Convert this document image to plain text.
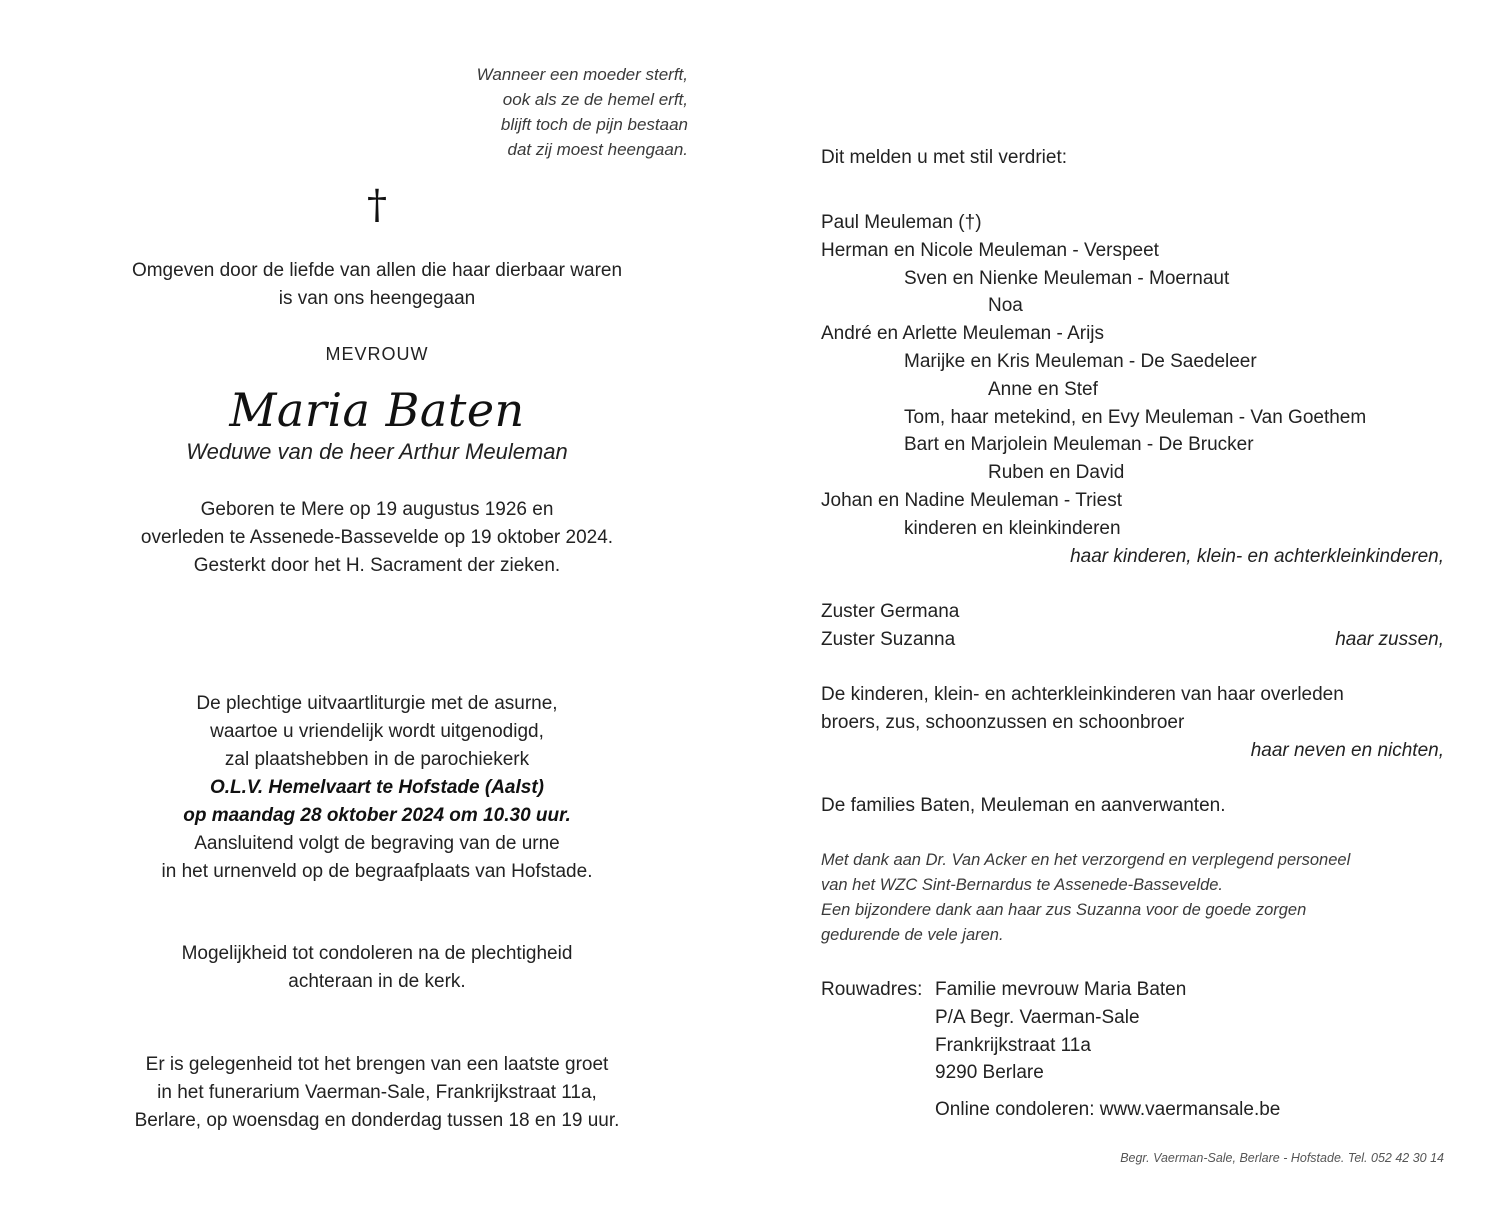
Wanneer een moeder sterft,
ook als ze de hemel erft,
blijft toch de pijn bestaan
dat zij moest heengaan.
†
Omgeven door de liefde van allen die haar dierbaar waren
is van ons heengegaan
MEVROUW
Maria Baten
Weduwe van de heer Arthur Meuleman
Geboren te Mere op 19 augustus 1926 en
overleden te Assenede-Bassevelde op 19 oktober 2024.
Gesterkt door het H. Sacrament der zieken.
De plechtige uitvaartliturgie met de asurne,
waartoe u vriendelijk wordt uitgenodigd,
zal plaatshebben in de parochiekerk
O.L.V. Hemelvaart te Hofstade (Aalst)
op maandag 28 oktober 2024 om 10.30 uur.
Aansluitend volgt de begraving van de urne
in het urnenveld op de begraafplaats van Hofstade.
Mogelijkheid tot condoleren na de plechtigheid
achteraan in de kerk.
Er is gelegenheid tot het brengen van een laatste groet
in het funerarium Vaerman-Sale, Frankrijkstraat 11a,
Berlare, op woensdag en donderdag tussen 18 en 19 uur.
Dit melden u met stil verdriet:
Paul Meuleman (†)
Herman en Nicole Meuleman - Verspeet
Sven en Nienke Meuleman - Moernaut
Noa
André en Arlette Meuleman - Arijs
Marijke en Kris Meuleman - De Saedeleer
Anne en Stef
Tom, haar metekind, en Evy Meuleman - Van Goethem
Bart en Marjolein Meuleman - De Brucker
Ruben en David
Johan en Nadine Meuleman - Triest
kinderen en kleinkinderen
haar kinderen, klein- en achterkleinkinderen,
Zuster Germana
Zuster Suzanna	haar zussen,
De kinderen, klein- en achterkleinkinderen van haar overleden
broers, zus, schoonzussen en schoonbroer
haar neven en nichten,
De families Baten, Meuleman en aanverwanten.
Met dank aan Dr. Van Acker en het verzorgend en verplegend personeel
van het WZC Sint-Bernardus te Assenede-Bassevelde.
Een bijzondere dank aan haar zus Suzanna voor de goede zorgen
gedurende de vele jaren.
Rouwadres: Familie mevrouw Maria Baten
P/A Begr. Vaerman-Sale
Frankrijkstraat 11a
9290 Berlare
Online condoleren: www.vaermansale.be
Begr. Vaerman-Sale, Berlare - Hofstade. Tel. 052 42 30 14
